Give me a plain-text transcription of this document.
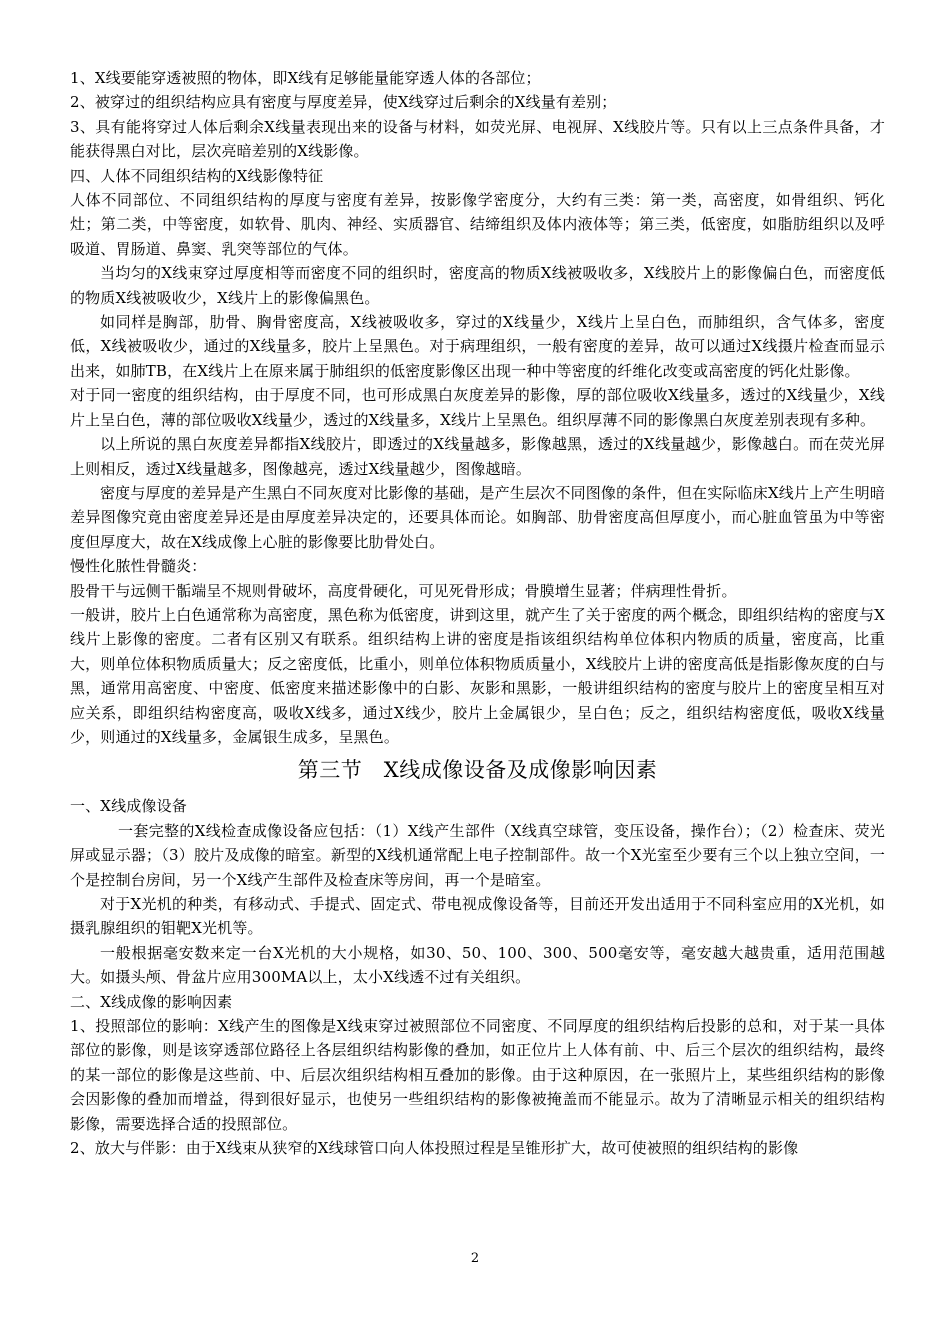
1、X线要能穿透被照的物体，即X线有足够能量能穿透人体的各部位；

2、被穿过的组织结构应具有密度与厚度差异，使X线穿过后剩余的X线量有差别；

3、具有能将穿过人体后剩余X线量表现出来的设备与材料，如荧光屏、电视屏、X线胶片等。只有以上三点条件具备，才能获得黑白对比，层次亮暗差别的X线影像。

四、人体不同组织结构的X线影像特征

人体不同部位、不同组织结构的厚度与密度有差异，按影像学密度分，大约有三类：第一类，高密度，如骨组织、钙化灶；第二类，中等密度，如软骨、肌肉、神经、实质器官、结缔组织及体内液体等；第三类，低密度，如脂肪组织以及呼吸道、胃肠道、鼻窦、乳突等部位的气体。

当均匀的X线束穿过厚度相等而密度不同的组织时，密度高的物质X线被吸收多，X线胶片上的影像偏白色，而密度低的物质X线被吸收少，X线片上的影像偏黑色。

如同样是胸部，肋骨、胸骨密度高，X线被吸收多，穿过的X线量少，X线片上呈白色，而肺组织，含气体多，密度低，X线被吸收少，通过的X线量多，胶片上呈黑色。对于病理组织，一般有密度的差异，故可以通过X线摄片检查而显示出来，如肺TB，在X线片上在原来属于肺组织的低密度影像区出现一种中等密度的纤维化改变或高密度的钙化灶影像。

对于同一密度的组织结构，由于厚度不同，也可形成黑白灰度差异的影像，厚的部位吸收X线量多，透过的X线量少，X线片上呈白色，薄的部位吸收X线量少，透过的X线量多，X线片上呈黑色。组织厚薄不同的影像黑白灰度差别表现有多种。

以上所说的黑白灰度差异都指X线胶片，即透过的X线量越多，影像越黑，透过的X线量越少，影像越白。而在荧光屏上则相反，透过X线量越多，图像越亮，透过X线量越少，图像越暗。

密度与厚度的差异是产生黑白不同灰度对比影像的基础，是产生层次不同图像的条件，但在实际临床X线片上产生明暗差异图像究竟由密度差异还是由厚度差异决定的，还要具体而论。如胸部、肋骨密度高但厚度小，而心脏血管虽为中等密度但厚度大，故在X线成像上心脏的影像要比肋骨处白。

慢性化脓性骨髓炎：

股骨干与远侧干骺端呈不规则骨破坏，高度骨硬化，可见死骨形成；骨膜增生显著；伴病理性骨折。

一般讲，胶片上白色通常称为高密度，黑色称为低密度，讲到这里，就产生了关于密度的两个概念，即组织结构的密度与X线片上影像的密度。二者有区别又有联系。组织结构上讲的密度是指该组织结构单位体积内物质的质量，密度高，比重大，则单位体积物质质量大；反之密度低，比重小，则单位体积物质质量小，X线胶片上讲的密度高低是指影像灰度的白与黑，通常用高密度、中密度、低密度来描述影像中的白影、灰影和黑影，一般讲组织结构的密度与胶片上的密度呈相互对应关系，即组织结构密度高，吸收X线多，通过X线少，胶片上金属银少，呈白色；反之，组织结构密度低，吸收X线量少，则通过的X线量多，金属银生成多，呈黑色。

第三节　X线成像设备及成像影响因素

一、X线成像设备

一套完整的X线检查成像设备应包括：（1）X线产生部件（X线真空球管，变压设备，操作台）；（2）检查床、荧光屏或显示器；（3）胶片及成像的暗室。新型的X线机通常配上电子控制部件。故一个X光室至少要有三个以上独立空间，一个是控制台房间，另一个X线产生部件及检查床等房间，再一个是暗室。

对于X光机的种类，有移动式、手提式、固定式、带电视成像设备等，目前还开发出适用于不同科室应用的X光机，如摄乳腺组织的钼靶X光机等。

一般根据毫安数来定一台X光机的大小规格，如30、50、100、300、500毫安等，毫安越大越贵重，适用范围越大。如摄头颅、骨盆片应用300MA以上，太小X线透不过有关组织。

二、X线成像的影响因素

1、投照部位的影响：X线产生的图像是X线束穿过被照部位不同密度、不同厚度的组织结构后投影的总和，对于某一具体部位的影像，则是该穿透部位路径上各层组织结构影像的叠加，如正位片上人体有前、中、后三个层次的组织结构，最终的某一部位的影像是这些前、中、后层次组织结构相互叠加的影像。由于这种原因，在一张照片上，某些组织结构的影像会因影像的叠加而增益，得到很好显示，也使另一些组织结构的影像被掩盖而不能显示。故为了清晰显示相关的组织结构影像，需要选择合适的投照部位。

2、放大与伴影：由于X线束从狭窄的X线球管口向人体投照过程是呈锥形扩大，故可使被照的组织结构的影像

2
